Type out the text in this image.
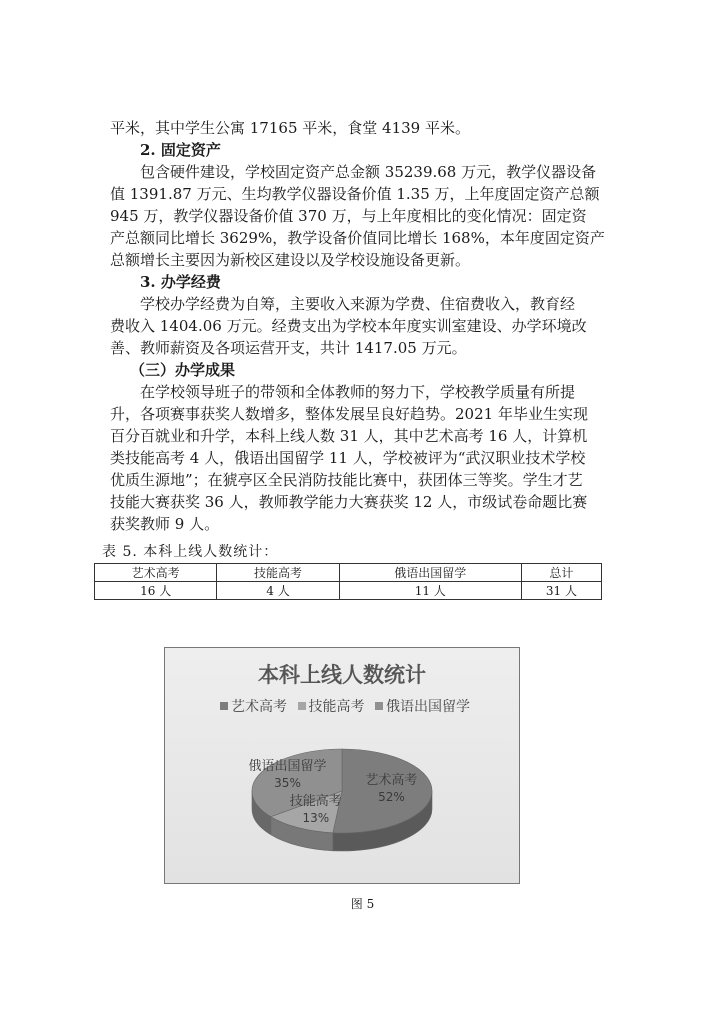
平米，其中学生公寓 17165 平米，食堂 4139 平米。
2. 固定资产
包含硬件建设，学校固定资产总金额 35239.68 万元，教学仪器设备
值 1391.87 万元、生均教学仪器设备价值 1.35 万，上年度固定资产总额
945 万，教学仪器设备价值 370 万，与上年度相比的变化情况：固定资
产总额同比增长 3629%，教学设备价值同比增长 168%，本年度固定资产
总额增长主要因为新校区建设以及学校设施设备更新。
3. 办学经费
学校办学经费为自筹，主要收入来源为学费、住宿费收入，教育经
费收入 1404.06 万元。经费支出为学校本年度实训室建设、办学环境改
善、教师薪资及各项运营开支，共计 1417.05 万元。
（三）办学成果
在学校领导班子的带领和全体教师的努力下，学校教学质量有所提
升，各项赛事获奖人数增多，整体发展呈良好趋势。2021 年毕业生实现
百分百就业和升学，本科上线人数 31 人，其中艺术高考 16 人，计算机
类技能高考 4 人，俄语出国留学 11 人，学校被评为“武汉职业技术学校
优质生源地”；在猇亭区全民消防技能比赛中，获团体三等奖。学生才艺
技能大赛获奖 36 人，教师教学能力大赛获奖 12 人，市级试卷命题比赛
获奖教师 9 人。
表 5. 本科上线人数统计：
艺术高考	技能高考	俄语出国留学	总计
16 人	4 人	11 人	31 人
本科上线人数统计
艺术高考 技能高考 俄语出国留学
艺术高考
52%
技能高考
13%
俄语出国留学
35%
图 5
